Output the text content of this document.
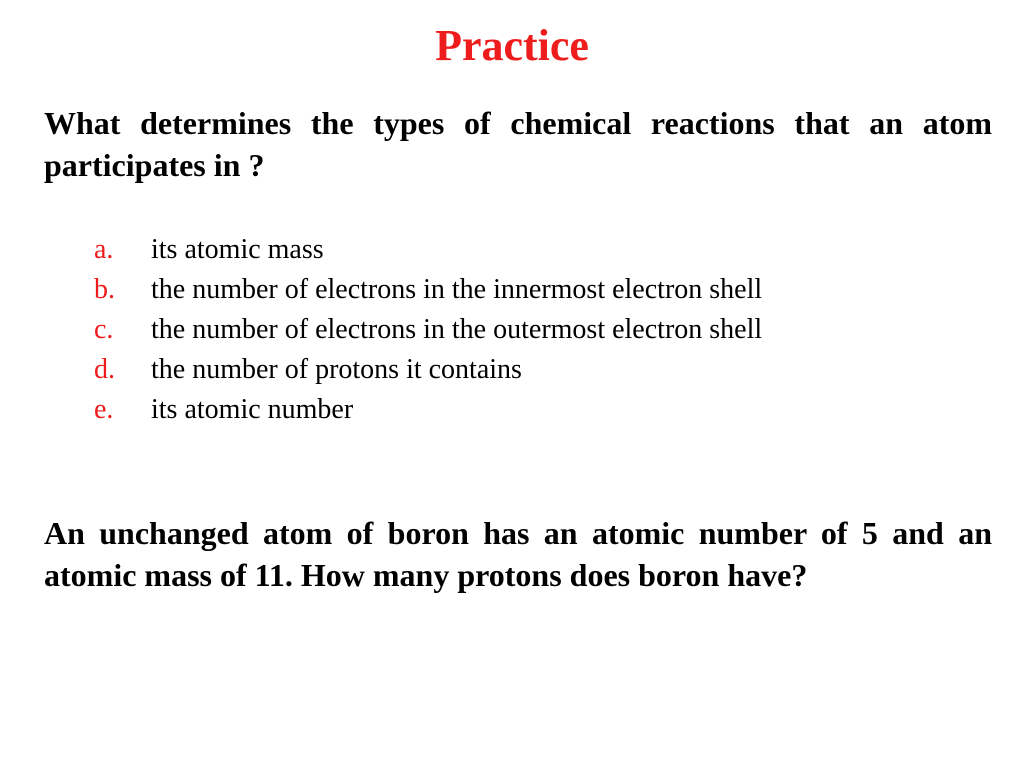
Practice

What determines the types of chemical reactions that an atom participates in ?

a.	its atomic mass
b.	the number of electrons in the innermost electron shell
c.	the number of electrons in the outermost electron shell
d.	the number of protons it contains
e.	its atomic number

An unchanged atom of boron has an atomic number of 5 and an atomic mass of 11. How many protons does boron have?
